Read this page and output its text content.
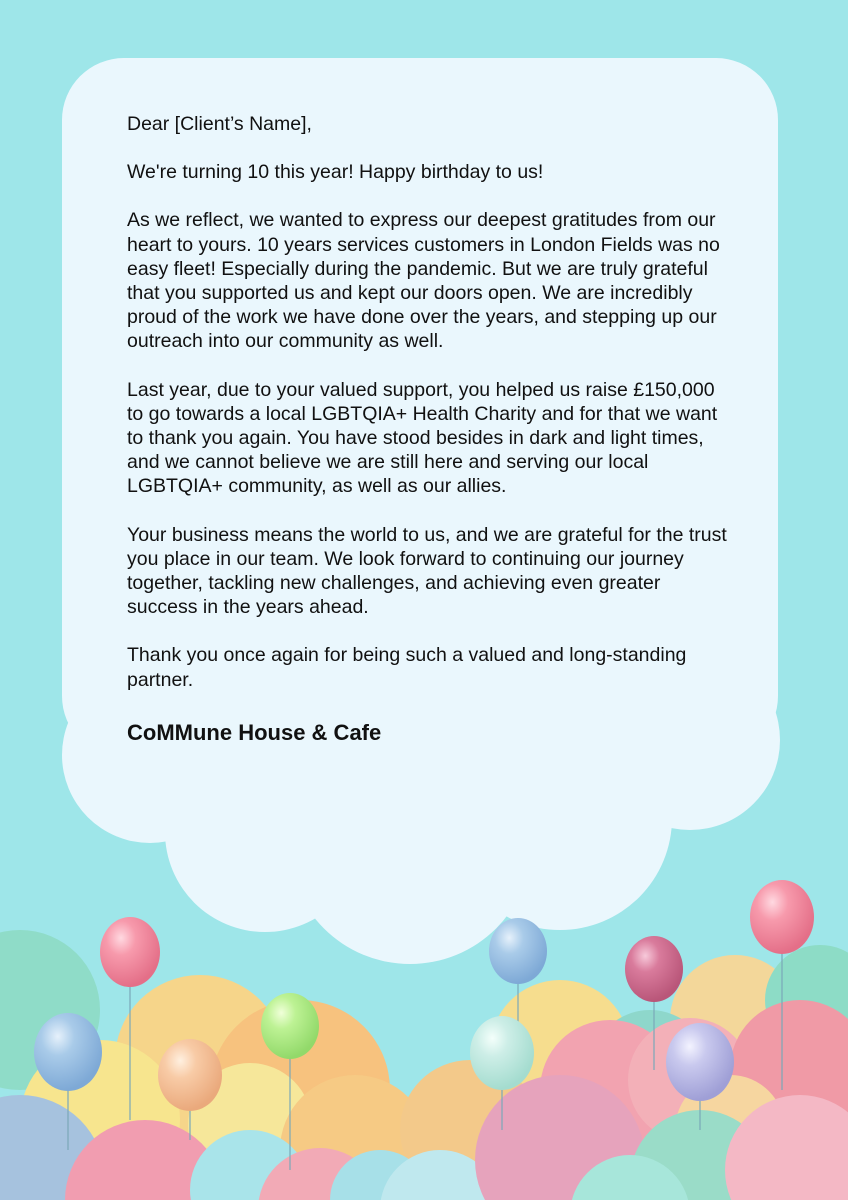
Dear [Client’s Name],

We're turning 10 this year! Happy birthday to us!

As we reflect, we wanted to express our deepest gratitudes from our heart to yours. 10 years services customers in London Fields was no easy fleet! Especially during the pandemic. But we are truly grateful that you supported us and kept our doors open. We are incredibly proud of the work we have done over the years, and stepping up our outreach into our community as well.

Last year, due to your valued support, you helped us raise £150,000 to go towards a local LGBTQIA+ Health Charity and for that we want to thank you again. You have stood besides in dark and light times, and we cannot believe we are still here and serving our local LGBTQIA+ community, as well as our allies.

Your business means the world to us, and we are grateful for the trust you place in our team. We look forward to continuing our journey together, tackling new challenges, and achieving even greater success in the years ahead.

Thank you once again for being such a valued and long-standing partner.

CoMMune House & Cafe
